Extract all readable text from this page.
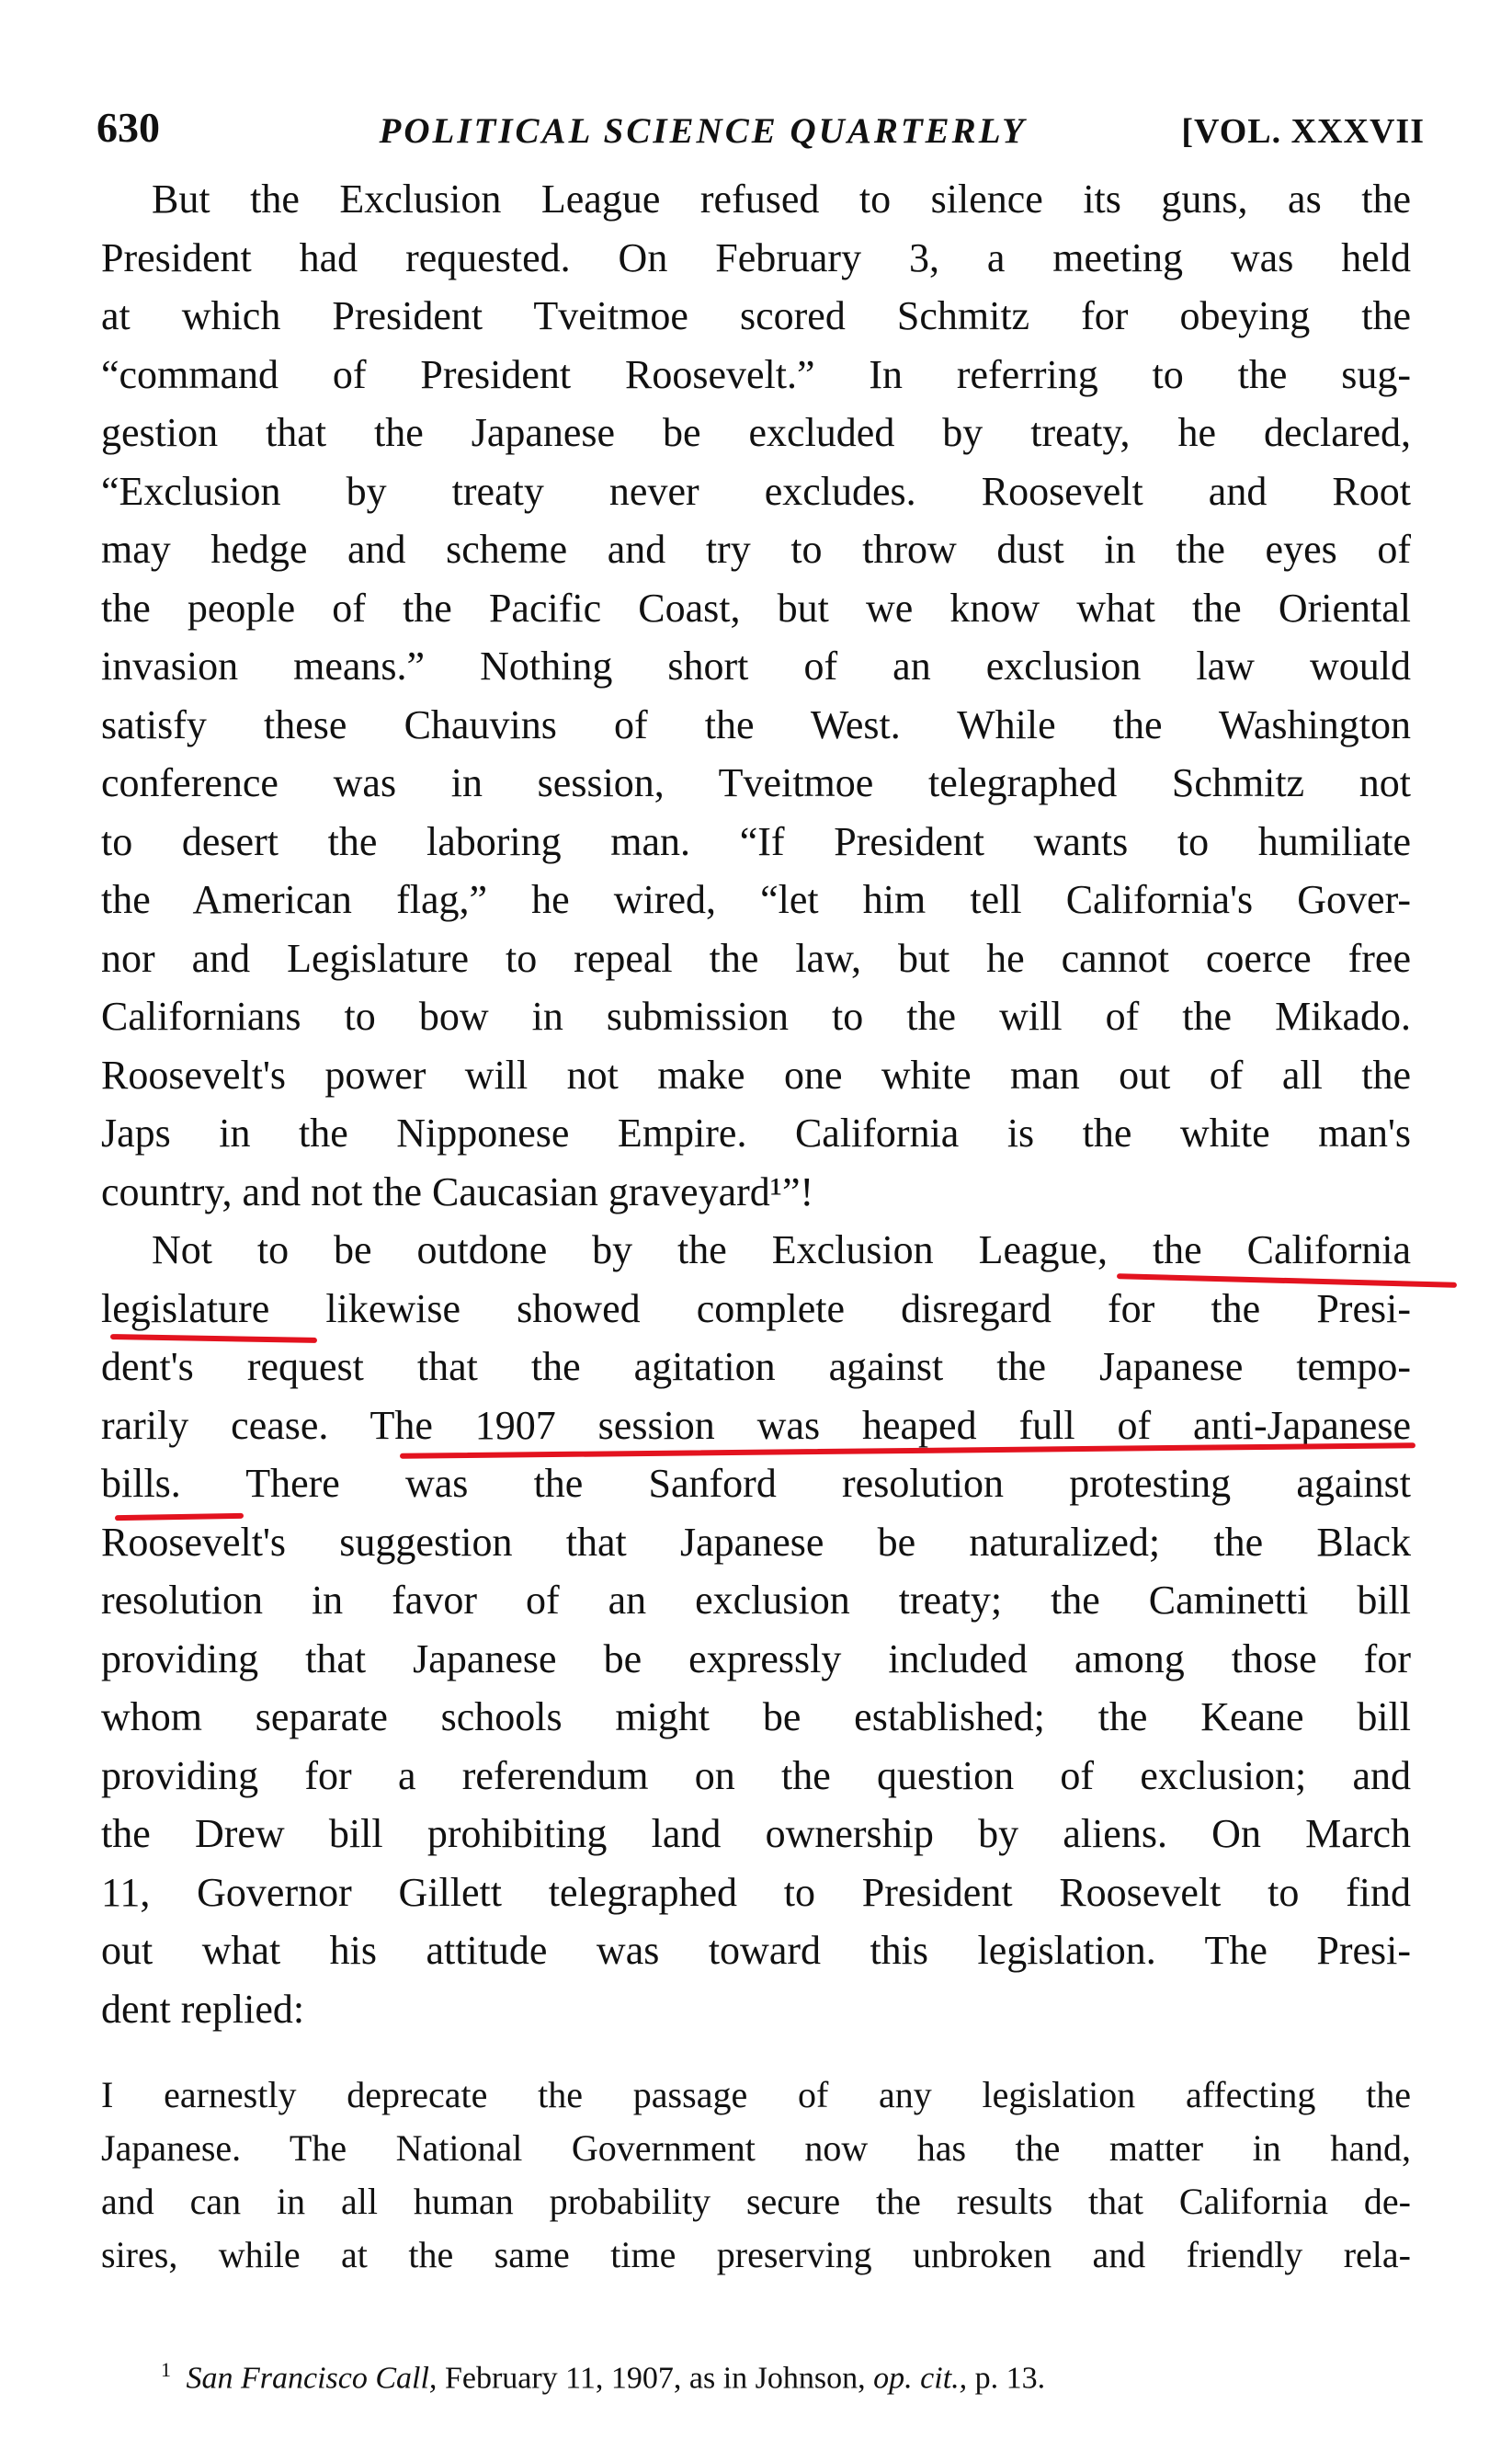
630	POLITICAL SCIENCE QUARTERLY	[VOL. XXXVII
But the Exclusion League refused to silence its guns, as the
President had requested. On February 3, a meeting was held
at which President Tveitmoe scored Schmitz for obeying the
“command of President Roosevelt.” In referring to the sug-
gestion that the Japanese be excluded by treaty, he declared,
“Exclusion by treaty never excludes. Roosevelt and Root
may hedge and scheme and try to throw dust in the eyes of
the people of the Pacific Coast, but we know what the Oriental
invasion means.” Nothing short of an exclusion law would
satisfy these Chauvins of the West. While the Washington
conference was in session, Tveitmoe telegraphed Schmitz not
to desert the laboring man. “If President wants to humiliate
the American flag,” he wired, “let him tell California's Gover-
nor and Legislature to repeal the law, but he cannot coerce free
Californians to bow in submission to the will of the Mikado.
Roosevelt's power will not make one white man out of all the
Japs in the Nipponese Empire. California is the white man's
country, and not the Caucasian graveyard¹”!
Not to be outdone by the Exclusion League, the California
legislature likewise showed complete disregard for the Presi-
dent's request that the agitation against the Japanese tempo-
rarily cease. The 1907 session was heaped full of anti-Japanese
bills. There was the Sanford resolution protesting against
Roosevelt's suggestion that Japanese be naturalized; the Black
resolution in favor of an exclusion treaty; the Caminetti bill
providing that Japanese be expressly included among those for
whom separate schools might be established; the Keane bill
providing for a referendum on the question of exclusion; and
the Drew bill prohibiting land ownership by aliens. On March
11, Governor Gillett telegraphed to President Roosevelt to find
out what his attitude was toward this legislation. The Presi-
dent replied:
I earnestly deprecate the passage of any legislation affecting the
Japanese. The National Government now has the matter in hand,
and can in all human probability secure the results that California de-
sires, while at the same time preserving unbroken and friendly rela-
$^1$ San Francisco Call, February 11, 1907, as in Johnson, op. cit., p. 13.
